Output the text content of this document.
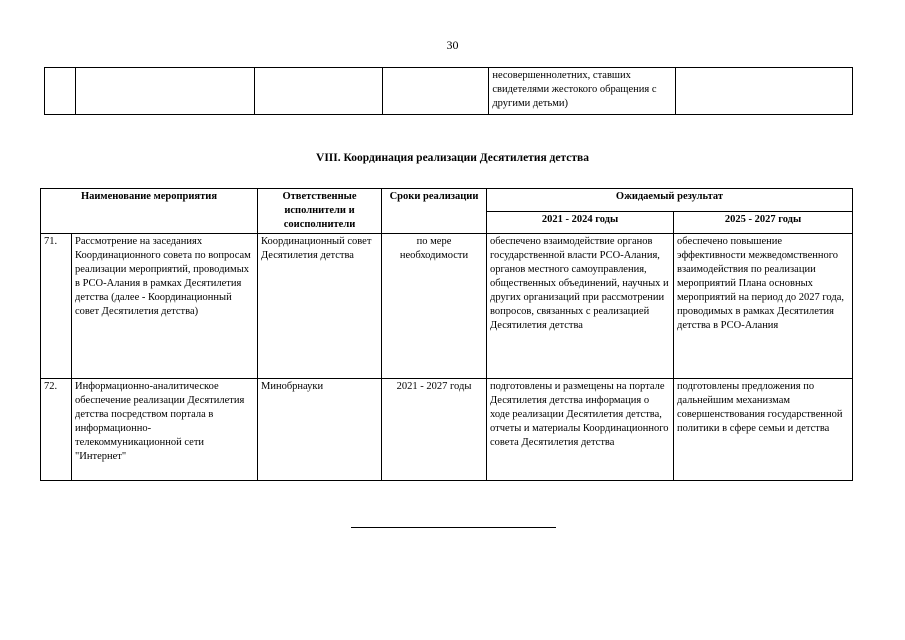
30
				несовершеннолетних, ставших свидетелями жестокого обращения с другими детьми)	
VIII. Координация реализации Десятилетия детства
Наименование мероприятия		Ответственные исполнители и соисполнители	Сроки реализации	Ожидаемый результат	
				2021 - 2024 годы	2025 - 2027 годы
71.	Рассмотрение на заседаниях Координационного совета по вопросам реализации мероприятий, проводимых в РСО-Алания в рамках Десятилетия детства (далее - Координационный совет Десятилетия детства)	Координационный совет Десятилетия детства	по мере необходимости	обеспечено взаимодействие органов государственной власти РСО-Алания, органов местного самоуправления, общественных объединений, научных и других организаций при рассмотрении вопросов, связанных с реализацией Десятилетия детства	обеспечено повышение эффективности межведомственного взаимодействия по реализации мероприятий Плана основных мероприятий на период до 2027 года, проводимых в рамках Десятилетия детства в РСО-Алания
72.	Информационно-аналитическое обеспечение реализации Десятилетия детства посредством портала в информационно-телекоммуникационной сети "Интернет"	Минобрнауки	2021 - 2027 годы	подготовлены и размещены на портале Десятилетия детства информация о ходе реализации Десятилетия детства, отчеты и материалы Координационного совета Десятилетия детства	подготовлены предложения по дальнейшим механизмам совершенствования государственной политики в сфере семьи и детства
